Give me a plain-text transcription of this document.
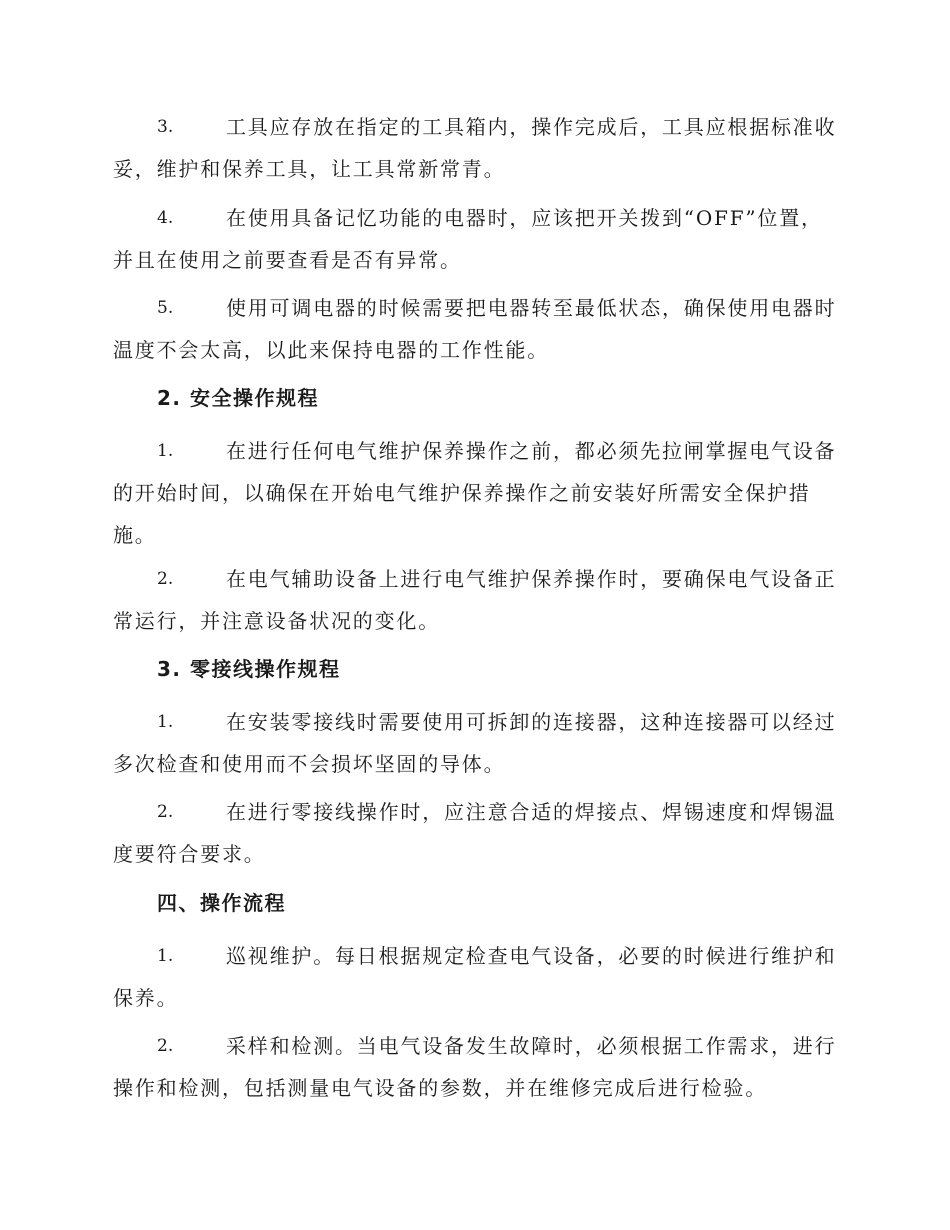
3.	工具应存放在指定的工具箱内，操作完成后，工具应根据标准收
妥，维护和保养工具，让工具常新常青。
4.	在使用具备记忆功能的电器时，应该把开关拨到“OFF”位置，
并且在使用之前要查看是否有异常。
5.	使用可调电器的时候需要把电器转至最低状态，确保使用电器时
温度不会太高，以此来保持电器的工作性能。
2. 安全操作规程
1.	在进行任何电气维护保养操作之前，都必须先拉闸掌握电气设备
的开始时间，以确保在开始电气维护保养操作之前安装好所需安全保护措
施。
2.	在电气辅助设备上进行电气维护保养操作时，要确保电气设备正
常运行，并注意设备状况的变化。
3. 零接线操作规程
1.	在安装零接线时需要使用可拆卸的连接器，这种连接器可以经过
多次检查和使用而不会损坏坚固的导体。
2.	在进行零接线操作时，应注意合适的焊接点、焊锡速度和焊锡温
度要符合要求。
四、操作流程
1.	巡视维护。每日根据规定检查电气设备，必要的时候进行维护和
保养。
2.	采样和检测。当电气设备发生故障时，必须根据工作需求，进行
操作和检测，包括测量电气设备的参数，并在维修完成后进行检验。
